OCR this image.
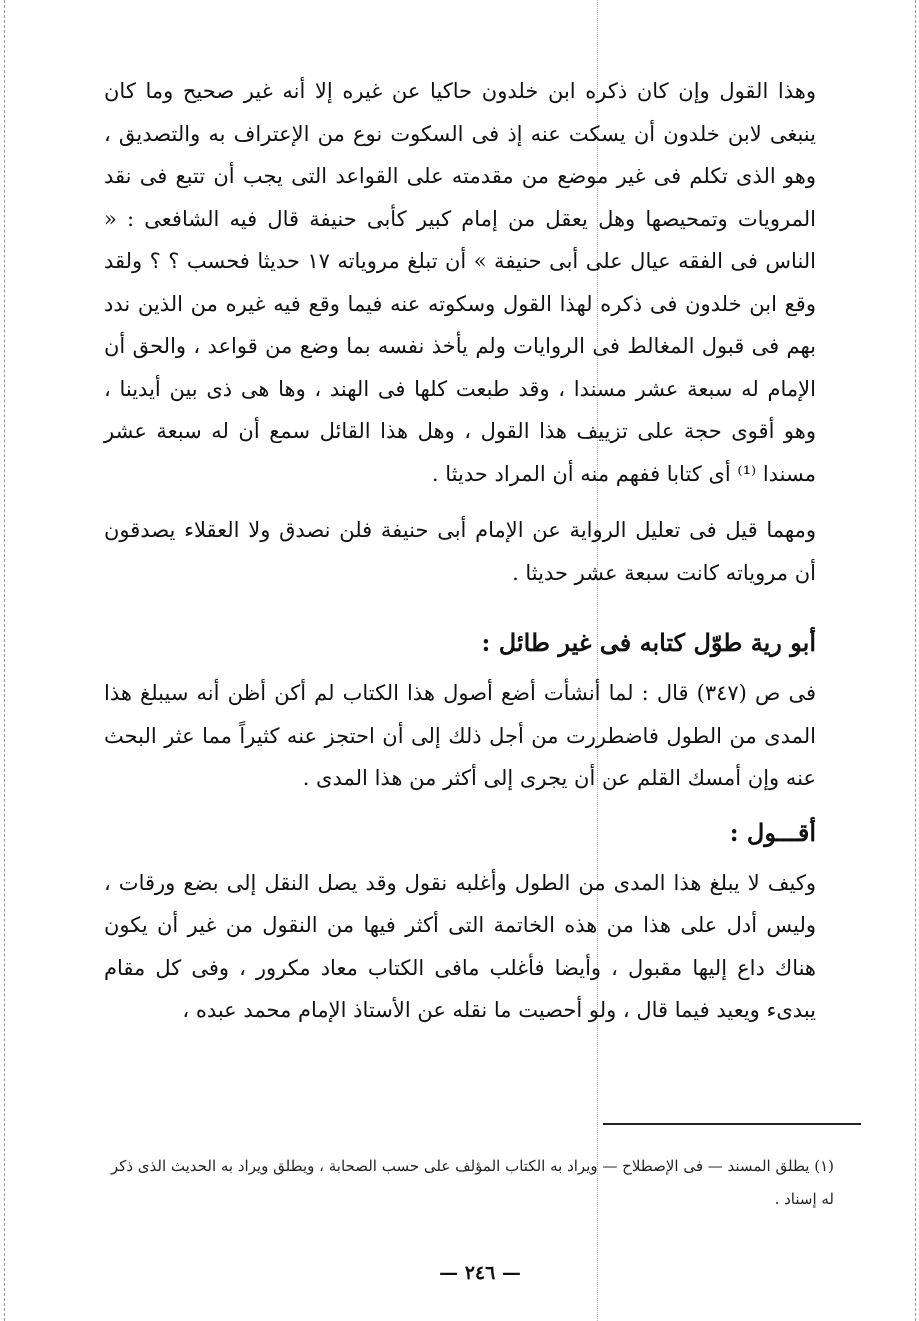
وهذا القول وإن كان ذكره ابن خلدون حاكيا عن غيره إلا أنه غير صحيح وما كان ينبغى لابن خلدون أن يسكت عنه إذ فى السكوت نوع من الإعتراف به والتصديق ، وهو الذى تكلم فى غير موضع من مقدمته على القواعد التى يجب أن تتبع فى نقد المرويات وتمحيصها وهل يعقل من إمام كبير كأبى حنيفة قال فيه الشافعى : « الناس فى الفقه عيال على أبى حنيفة » أن تبلغ مروياته ١٧ حديثا فحسب ؟ ؟ ولقد وقع ابن خلدون فى ذكره لهذا القول وسكوته عنه فيما وقع فيه غيره من الذين ندد بهم فى قبول المغالط فى الروايات ولم يأخذ نفسه بما وضع من قواعد ، والحق أن الإمام له سبعة عشر مسندا ، وقد طبعت كلها فى الهند ، وها هى ذى بين أيدينا ، وهو أقوى حجة على تزييف هذا القول ، وهل هذا القائل سمع أن له سبعة عشر مسندا ⁽¹⁾ أى كتابا ففهم منه أن المراد حديثا .

ومهما قيل فى تعليل الرواية عن الإمام أبى حنيفة فلن نصدق ولا العقلاء يصدقون أن مروياته كانت سبعة عشر حديثا .

أبو رية طوّل كتابه فى غير طائل :

فى ص (٣٤٧) قال : لما أنشأت أضع أصول هذا الكتاب لم أكن أظن أنه سيبلغ هذا المدى من الطول فاضطررت من أجل ذلك إلى أن احتجز عنه كثيراً مما عثر البحث عنه وإن أمسك القلم عن أن يجرى إلى أكثر من هذا المدى .

أقـــول :

وكيف لا يبلغ هذا المدى من الطول وأغلبه نقول وقد يصل النقل إلى بضع ورقات ، وليس أدل على هذا من هذه الخاتمة التى أكثر فيها من النقول من غير أن يكون هناك داع إليها مقبول ، وأيضا فأغلب مافى الكتاب معاد مكرور ، وفى كل مقام يبدىء ويعيد فيما قال ، ولو أحصيت ما نقله عن الأستاذ الإمام محمد عبده ،

(١) يطلق المسند — فى الإصطلاح — ويراد به الكتاب المؤلف على حسب الصحابة ، ويطلق ويراد به الحديث الذى ذكر له إسناد .
— ٢٤٦ —
